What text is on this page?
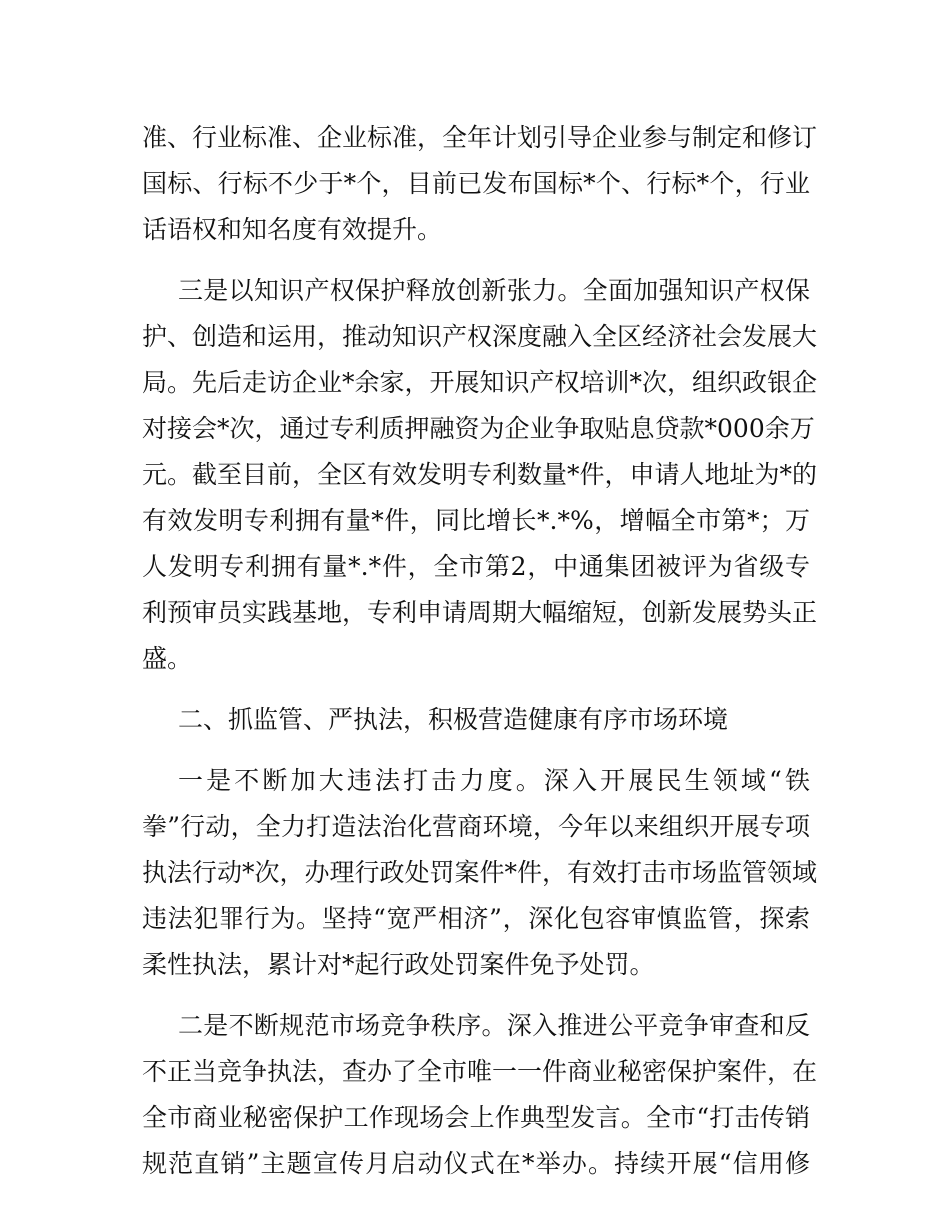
准、行业标准、企业标准，全年计划引导企业参与制定和修订
国标、行标不少于*个，目前已发布国标*个、行标*个，行业
话语权和知名度有效提升。
三是以知识产权保护释放创新张力。全面加强知识产权保
护、创造和运用，推动知识产权深度融入全区经济社会发展大
局。先后走访企业*余家，开展知识产权培训*次，组织政银企
对接会*次，通过专利质押融资为企业争取贴息贷款*000余万
元。截至目前，全区有效发明专利数量*件，申请人地址为*的
有效发明专利拥有量*件，同比增长*.*%，增幅全市第*；万
人发明专利拥有量*.*件，全市第2，中通集团被评为省级专
利预审员实践基地，专利申请周期大幅缩短，创新发展势头正
盛。
二、抓监管、严执法，积极营造健康有序市场环境
一是不断加大违法打击力度。深入开展民生领域“铁
拳”行动，全力打造法治化营商环境，今年以来组织开展专项
执法行动*次，办理行政处罚案件*件，有效打击市场监管领域
违法犯罪行为。坚持“宽严相济”，深化包容审慎监管，探索
柔性执法，累计对*起行政处罚案件免予处罚。
二是不断规范市场竞争秩序。深入推进公平竞争审查和反
不正当竞争执法，查办了全市唯一一件商业秘密保护案件，在
全市商业秘密保护工作现场会上作典型发言。全市“打击传销
规范直销”主题宣传月启动仪式在*举办。持续开展“信用修
